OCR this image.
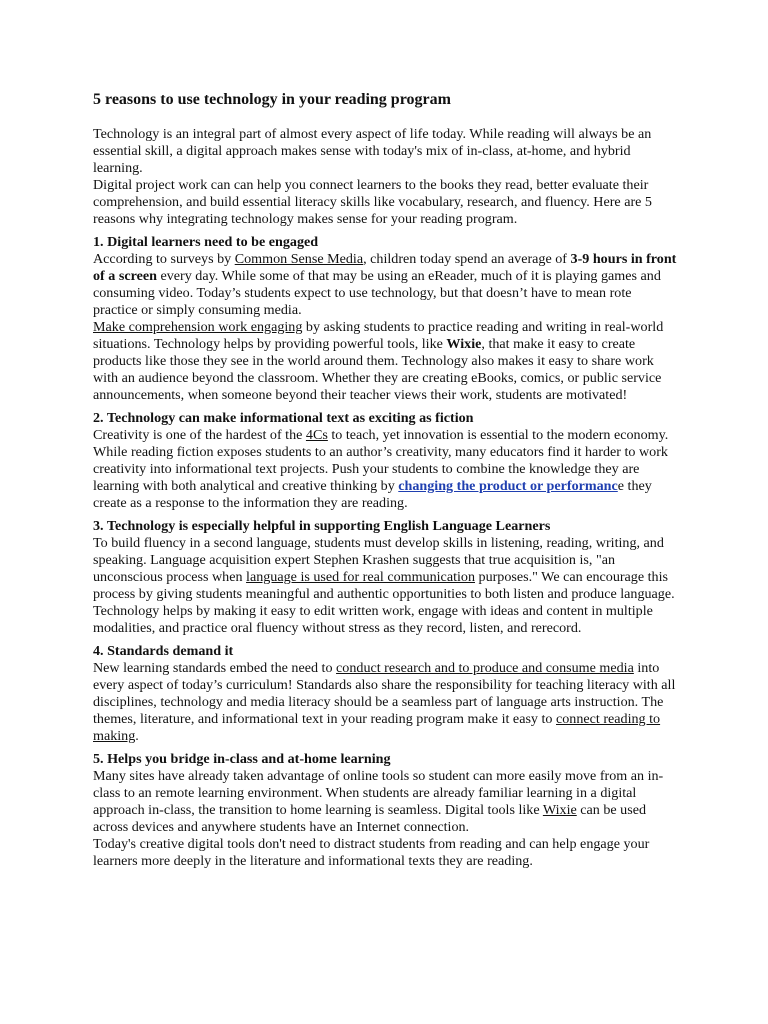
5 reasons to use technology in your reading program

Technology is an integral part of almost every aspect of life today. While reading will always be an essential skill, a digital approach makes sense with today's mix of in-class, at-home, and hybrid learning.

Digital project work can can help you connect learners to the books they read, better evaluate their comprehension, and build essential literacy skills like vocabulary, research, and fluency. Here are 5 reasons why integrating technology makes sense for your reading program.

1. Digital learners need to be engaged

According to surveys by Common Sense Media, children today spend an average of 3-9 hours in front of a screen every day. While some of that may be using an eReader, much of it is playing games and consuming video. Today’s students expect to use technology, but that doesn’t have to mean rote practice or simply consuming media.

Make comprehension work engaging by asking students to practice reading and writing in real-world situations. Technology helps by providing powerful tools, like Wixie, that make it easy to create products like those they see in the world around them. Technology also makes it easy to share work with an audience beyond the classroom. Whether they are creating eBooks, comics, or public service announcements, when someone beyond their teacher views their work, students are motivated!

2. Technology can make informational text as exciting as fiction

Creativity is one of the hardest of the 4Cs to teach, yet innovation is essential to the modern economy. While reading fiction exposes students to an author’s creativity, many educators find it harder to work creativity into informational text projects. Push your students to combine the knowledge they are learning with both analytical and creative thinking by changing the product or performance they create as a response to the information they are reading.

3. Technology is especially helpful in supporting English Language Learners

To build fluency in a second language, students must develop skills in listening, reading, writing, and speaking. Language acquisition expert Stephen Krashen suggests that true acquisition is, "an unconscious process when language is used for real communication purposes." We can encourage this process by giving students meaningful and authentic opportunities to both listen and produce language. Technology helps by making it easy to edit written work, engage with ideas and content in multiple modalities, and practice oral fluency without stress as they record, listen, and rerecord.

4. Standards demand it

New learning standards embed the need to conduct research and to produce and consume media into every aspect of today’s curriculum! Standards also share the responsibility for teaching literacy with all disciplines, technology and media literacy should be a seamless part of language arts instruction. The themes, literature, and informational text in your reading program make it easy to connect reading to making.

5. Helps you bridge in-class and at-home learning

Many sites have already taken advantage of online tools so student can more easily move from an in-class to an remote learning environment. When students are already familiar learning in a digital approach in-class, the transition to home learning is seamless. Digital tools like Wixie can be used across devices and anywhere students have an Internet connection.

Today's creative digital tools don't need to distract students from reading and can help engage your learners more deeply in the literature and informational texts they are reading.
